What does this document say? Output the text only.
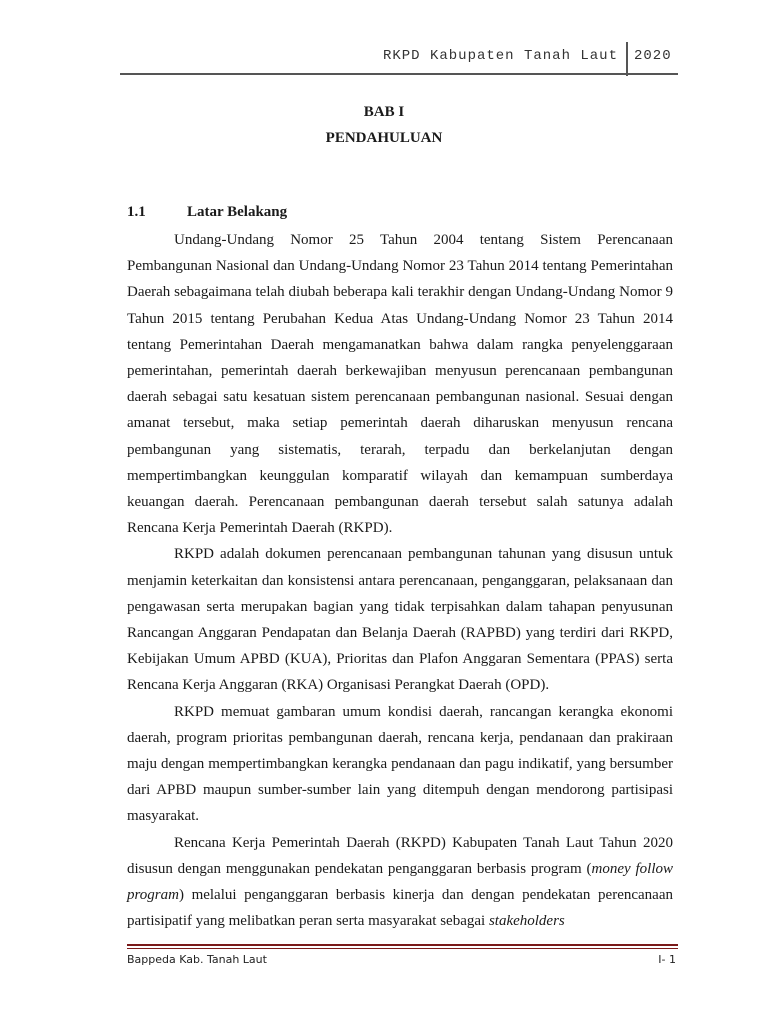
RKPD Kabupaten Tanah Laut 2020
BAB I
PENDAHULUAN
1.1	Latar Belakang

Undang-Undang Nomor 25 Tahun 2004 tentang Sistem Perencanaan Pembangunan Nasional dan Undang-Undang Nomor 23 Tahun 2014 tentang Pemerintahan Daerah sebagaimana telah diubah beberapa kali terakhir dengan Undang-Undang Nomor 9 Tahun 2015 tentang Perubahan Kedua Atas Undang-Undang Nomor 23 Tahun 2014 tentang Pemerintahan Daerah mengamanatkan bahwa dalam rangka penyelenggaraan pemerintahan, pemerintah daerah berkewajiban menyusun perencanaan pembangunan daerah sebagai satu kesatuan sistem perencanaan pembangunan nasional. Sesuai dengan amanat tersebut, maka setiap pemerintah daerah diharuskan menyusun rencana pembangunan yang sistematis, terarah, terpadu dan berkelanjutan dengan mempertimbangkan keunggulan komparatif wilayah dan kemampuan sumberdaya keuangan daerah. Perencanaan pembangunan daerah tersebut salah satunya adalah Rencana Kerja Pemerintah Daerah (RKPD).

RKPD adalah dokumen perencanaan pembangunan tahunan yang disusun untuk menjamin keterkaitan dan konsistensi antara perencanaan, penganggaran, pelaksanaan dan pengawasan serta merupakan bagian yang tidak terpisahkan dalam tahapan penyusunan Rancangan Anggaran Pendapatan dan Belanja Daerah (RAPBD) yang terdiri dari RKPD, Kebijakan Umum APBD (KUA), Prioritas dan Plafon Anggaran Sementara (PPAS) serta Rencana Kerja Anggaran (RKA) Organisasi Perangkat Daerah (OPD).

RKPD memuat gambaran umum kondisi daerah, rancangan kerangka ekonomi daerah, program prioritas pembangunan daerah, rencana kerja, pendanaan dan prakiraan maju dengan mempertimbangkan kerangka pendanaan dan pagu indikatif, yang bersumber dari APBD maupun sumber-sumber lain yang ditempuh dengan mendorong partisipasi masyarakat.

Rencana Kerja Pemerintah Daerah (RKPD) Kabupaten Tanah Laut Tahun 2020 disusun dengan menggunakan pendekatan penganggaran berbasis program (money follow program) melalui penganggaran berbasis kinerja dan dengan pendekatan perencanaan partisipatif yang melibatkan peran serta masyarakat sebagai stakeholders

Bappeda Kab. Tanah Laut	I- 1
